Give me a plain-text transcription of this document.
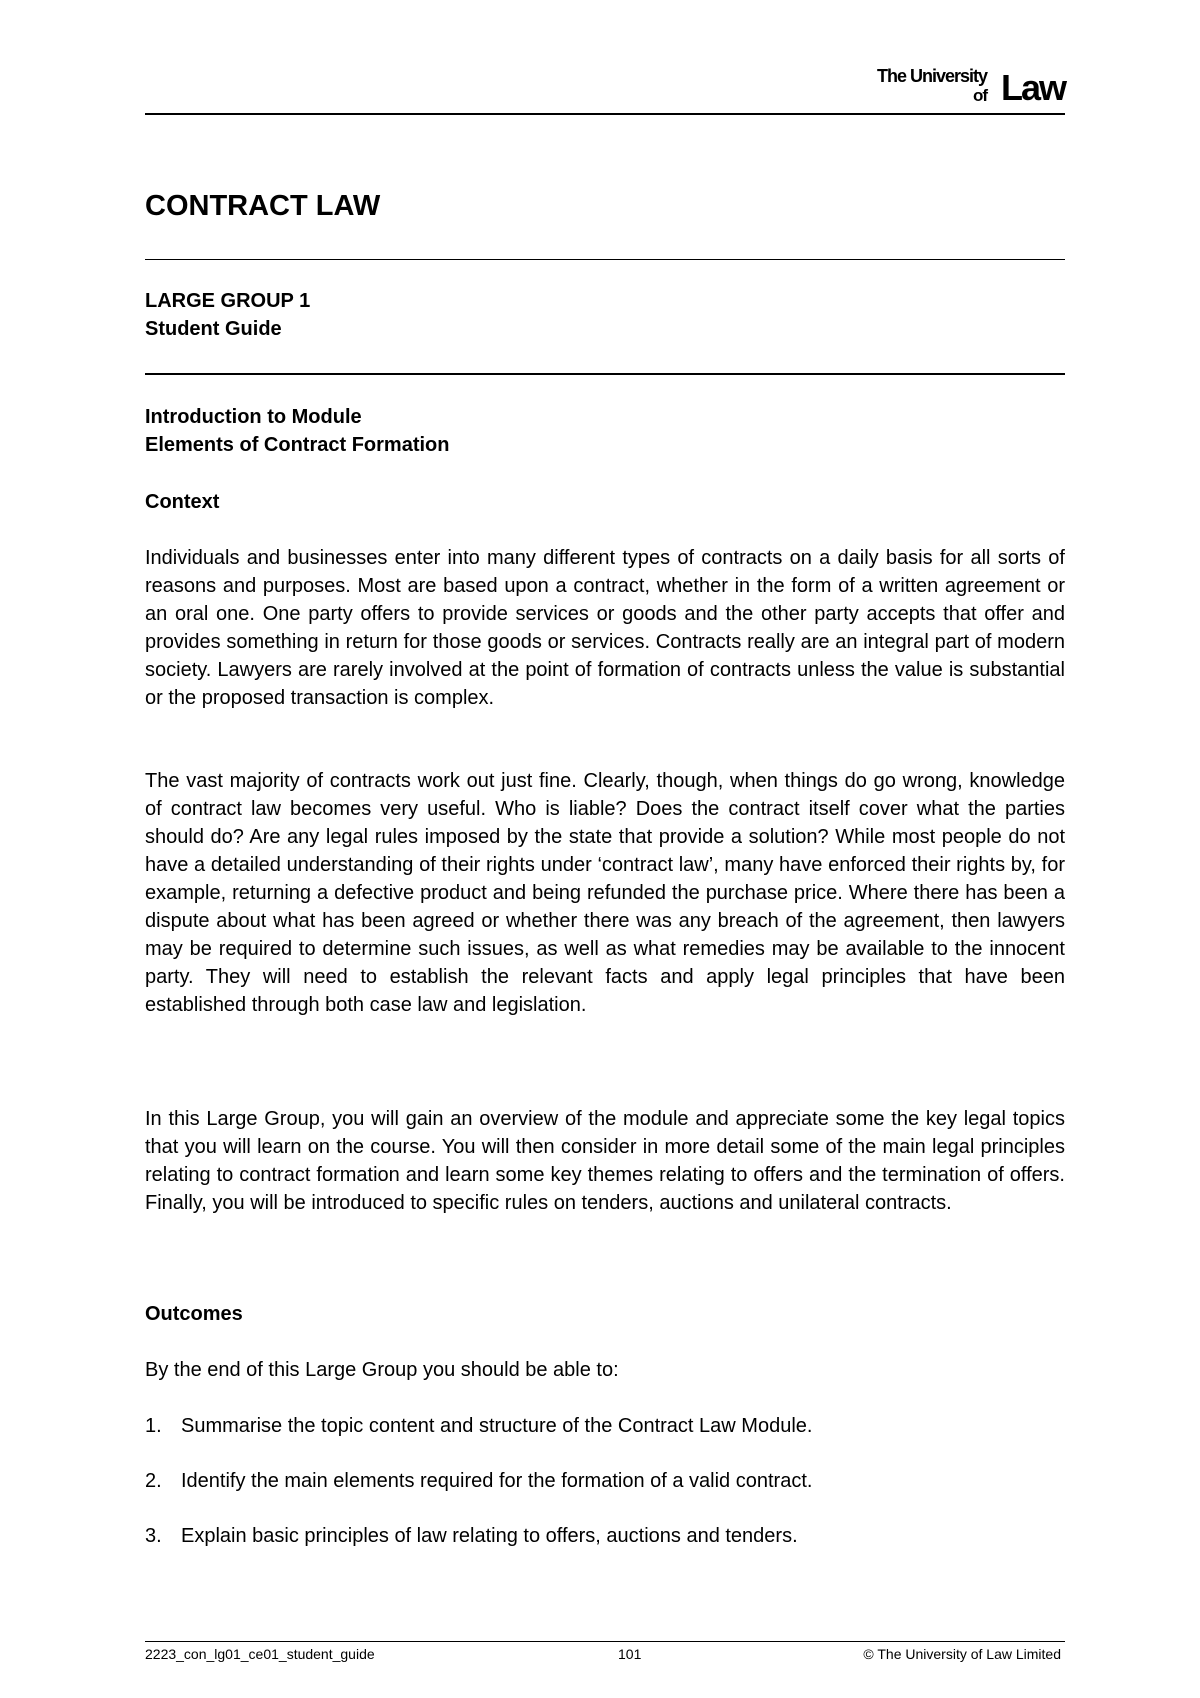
The University
of Law
CONTRACT LAW

LARGE GROUP 1

Student Guide

Introduction to Module

Elements of Contract Formation

Context

Individuals and businesses enter into many different types of contracts on a daily basis for all sorts of reasons and purposes. Most are based upon a contract, whether in the form of a written agreement or an oral one. One party offers to provide services or goods and the other party accepts that offer and provides something in return for those goods or services. Contracts really are an integral part of modern society. Lawyers are rarely involved at the point of formation of contracts unless the value is substantial or the proposed transaction is complex.

The vast majority of contracts work out just fine. Clearly, though, when things do go wrong, knowledge of contract law becomes very useful. Who is liable? Does the contract itself cover what the parties should do? Are any legal rules imposed by the state that provide a solution? While most people do not have a detailed understanding of their rights under ‘contract law’, many have enforced their rights by, for example, returning a defective product and being refunded the purchase price. Where there has been a dispute about what has been agreed or whether there was any breach of the agreement, then lawyers may be required to determine such issues, as well as what remedies may be available to the innocent party. They will need to establish the relevant facts and apply legal principles that have been established through both case law and legislation.

In this Large Group, you will gain an overview of the module and appreciate some the key legal topics that you will learn on the course. You will then consider in more detail some of the main legal principles relating to contract formation and learn some key themes relating to offers and the termination of offers. Finally, you will be introduced to specific rules on tenders, auctions and unilateral contracts.

Outcomes

By the end of this Large Group you should be able to:

1. Summarise the topic content and structure of the Contract Law Module.
2. Identify the main elements required for the formation of a valid contract.
3. Explain basic principles of law relating to offers, auctions and tenders.
2223_con_lg01_ce01_student_guide	101	© The University of Law Limited
